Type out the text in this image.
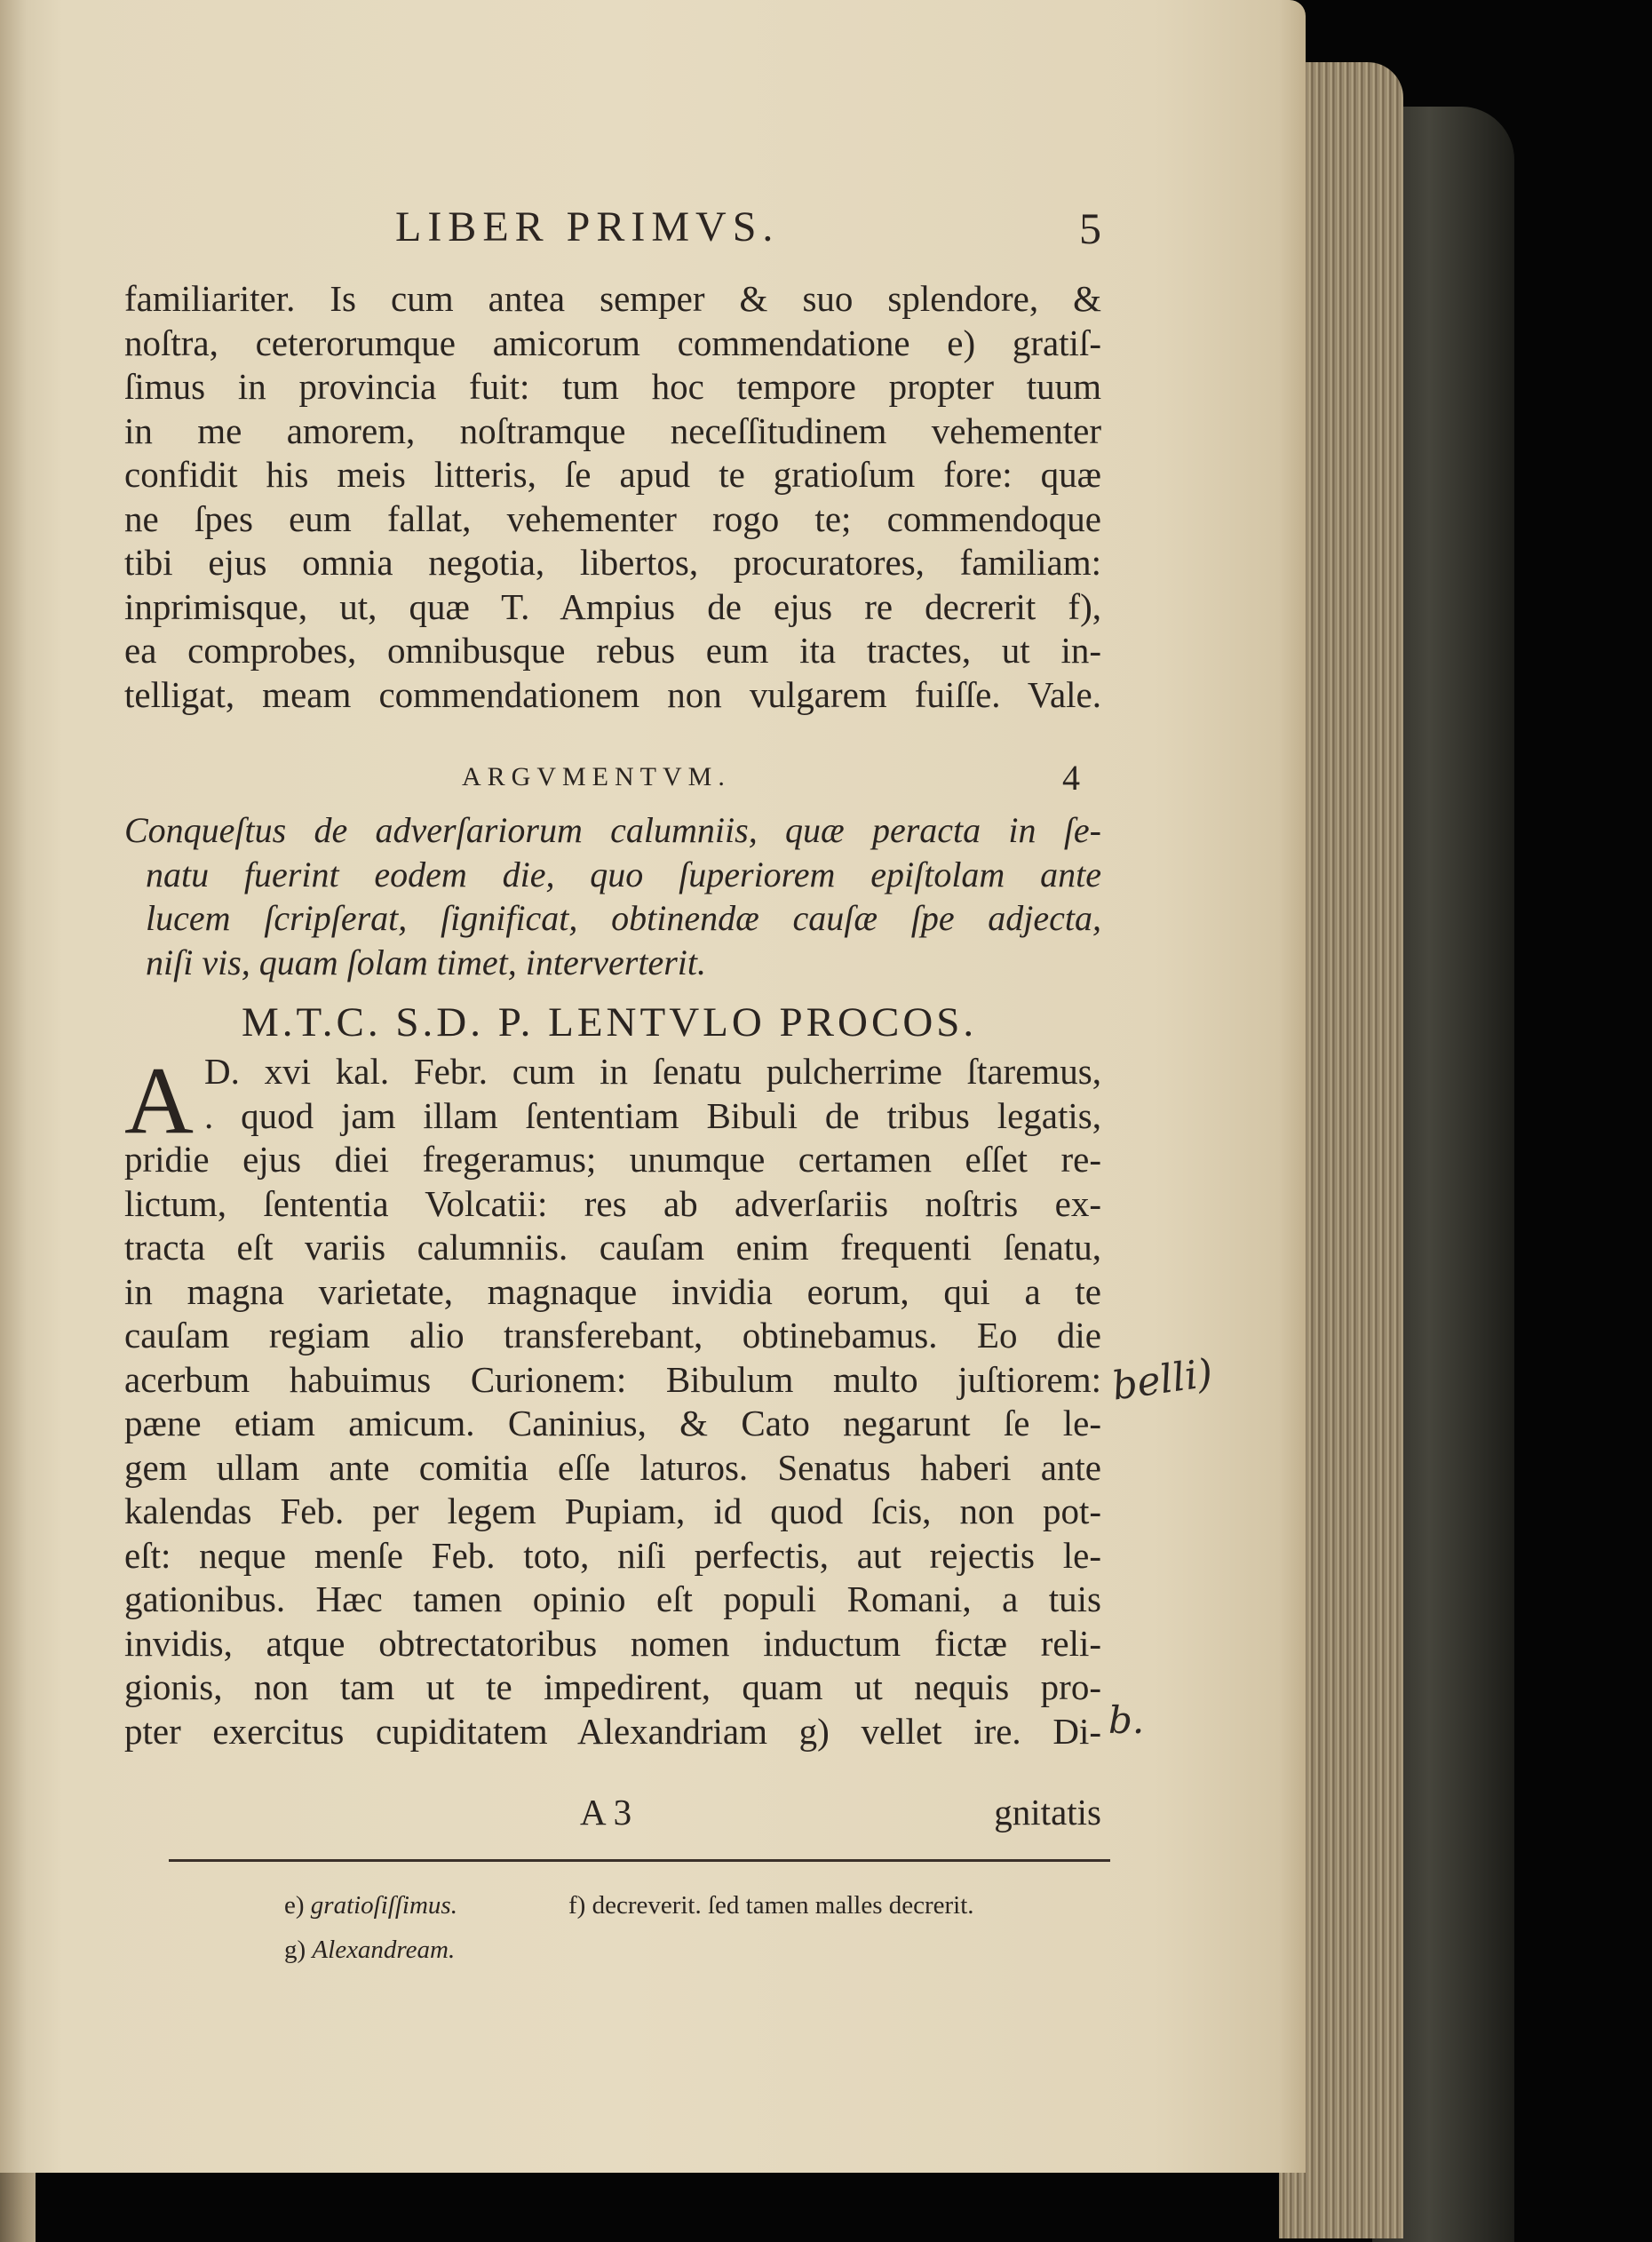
LIBER PRIMVS.	5
familiariter. Is cum antea semper & suo splendore, &
noſtra, ceterorumque amicorum commendatione e) gratiſ-
ſimus in provincia fuit: tum hoc tempore propter tuum
in me amorem, noſtramque neceſſitudinem vehementer
confidit his meis litteris, ſe apud te gratioſum fore: quæ
ne ſpes eum fallat, vehementer rogo te; commendoque
tibi ejus omnia negotia, libertos, procuratores, familiam:
inprimisque, ut, quæ T. Ampius de ejus re decrerit f),
ea comprobes, omnibusque rebus eum ita tractes, ut in-
telligat, meam commendationem non vulgarem fuiſſe. Vale.
ARGVMENTVM.	4
Conqueſtus de adverſariorum calumniis, quæ peracta in ſe-
natu fuerint eodem die, quo ſuperiorem epiſtolam ante
lucem ſcripſerat, ſignificat, obtinendæ cauſæ ſpe adjecta,
niſi vis, quam ſolam timet, interverterit.
M.T.C. S.D. P. LENTVLO PROCOS.
A D. xvi kal. Febr. cum in ſenatu pulcherrime ſtaremus,
. quod jam illam ſententiam Bibuli de tribus legatis,
pridie ejus diei fregeramus; unumque certamen eſſet re-
lictum, ſententia Volcatii: res ab adverſariis noſtris ex-
tracta eſt variis calumniis. cauſam enim frequenti ſenatu,
in magna varietate, magnaque invidia eorum, qui a te
cauſam regiam alio transferebant, obtinebamus. Eo die
acerbum habuimus Curionem: Bibulum multo juſtiorem:
pæne etiam amicum. Caninius, & Cato negarunt ſe le-
gem ullam ante comitia eſſe laturos. Senatus haberi ante
kalendas Feb. per legem Pupiam, id quod ſcis, non pot-
eſt: neque menſe Feb. toto, niſi perfectis, aut rejectis le-
gationibus. Hæc tamen opinio eſt populi Romani, a tuis
invidis, atque obtrectatoribus nomen inductum fictæ reli-
gionis, non tam ut te impedirent, quam ut nequis pro-
pter exercitus cupiditatem Alexandriam g) vellet ire. Di-
A 3	gnitatis
e) gratioſiſſimus.	f) decreverit. ſed tamen malles decrerit.
g) Alexandream.
belli)
b.
